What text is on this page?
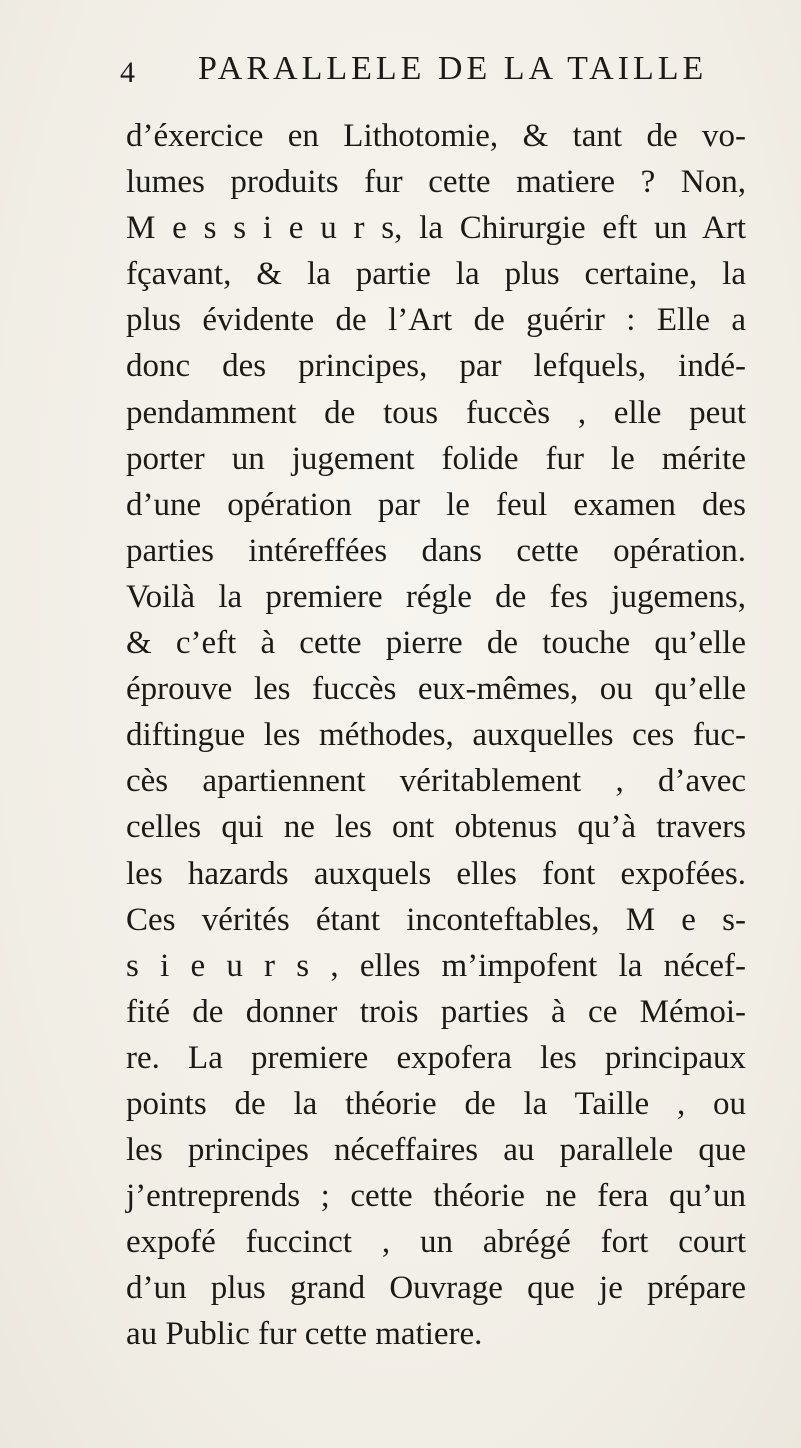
4 PARALLELE DE LA TAILLE
d’éxercice en Lithotomie, & tant de vo-
lumes produits fur cette matiere ? Non,
M e s s i e u r s, la Chirurgie eft un Art
fçavant, & la partie la plus certaine, la
plus évidente de l’Art de guérir : Elle a
donc des principes, par lefquels, indé-
pendamment de tous fuccès , elle peut
porter un jugement folide fur le mérite
d’une opération par le feul examen des
parties intéreffées dans cette opération.
Voilà la premiere régle de fes jugemens,
& c’eft à cette pierre de touche qu’elle
éprouve les fuccès eux-mêmes, ou qu’elle
diftingue les méthodes, auxquelles ces fuc-
cès apartiennent véritablement , d’avec
celles qui ne les ont obtenus qu’à travers
les hazards auxquels elles font expofées.
Ces vérités étant inconteftables, M e s-
s i e u r s , elles m’impofent la nécef-
fité de donner trois parties à ce Mémoi-
re. La premiere expofera les principaux
points de la théorie de la Taille , ou
les principes néceffaires au parallele que
j’entreprends ; cette théorie ne fera qu’un
expofé fuccinct , un abrégé fort court
d’un plus grand Ouvrage que je prépare
au Public fur cette matiere.
